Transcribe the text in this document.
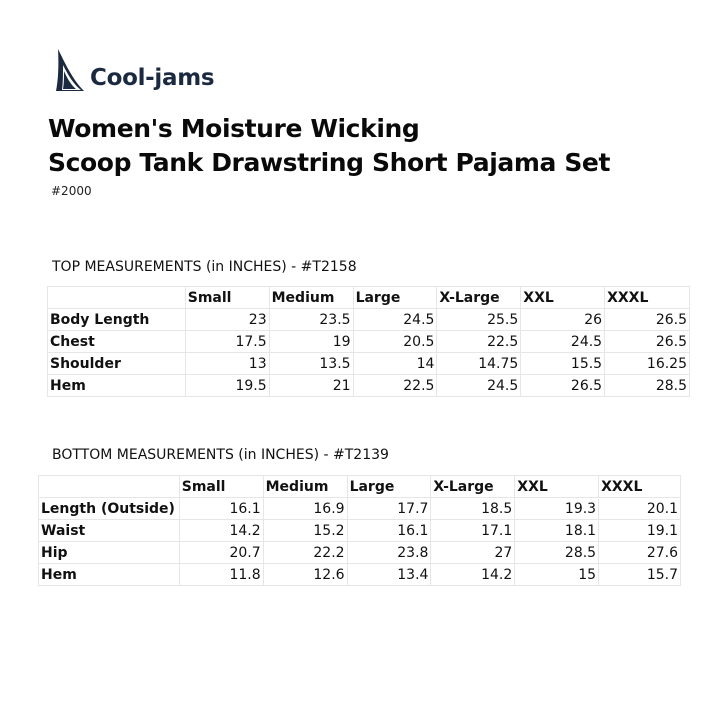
Cool-jams
Women's Moisture Wicking
Scoop Tank Drawstring Short Pajama Set
#2000
TOP MEASUREMENTS (in INCHES) - #T2158
	Small	Medium	Large	X-Large	XXL	XXXL
Body Length	23	23.5	24.5	25.5	26	26.5
Chest	17.5	19	20.5	22.5	24.5	26.5
Shoulder	13	13.5	14	14.75	15.5	16.25
Hem	19.5	21	22.5	24.5	26.5	28.5
BOTTOM MEASUREMENTS (in INCHES) - #T2139
	Small	Medium	Large	X-Large	XXL	XXXL
Length (Outside)	16.1	16.9	17.7	18.5	19.3	20.1
Waist	14.2	15.2	16.1	17.1	18.1	19.1
Hip	20.7	22.2	23.8	27	28.5	27.6
Hem	11.8	12.6	13.4	14.2	15	15.7
